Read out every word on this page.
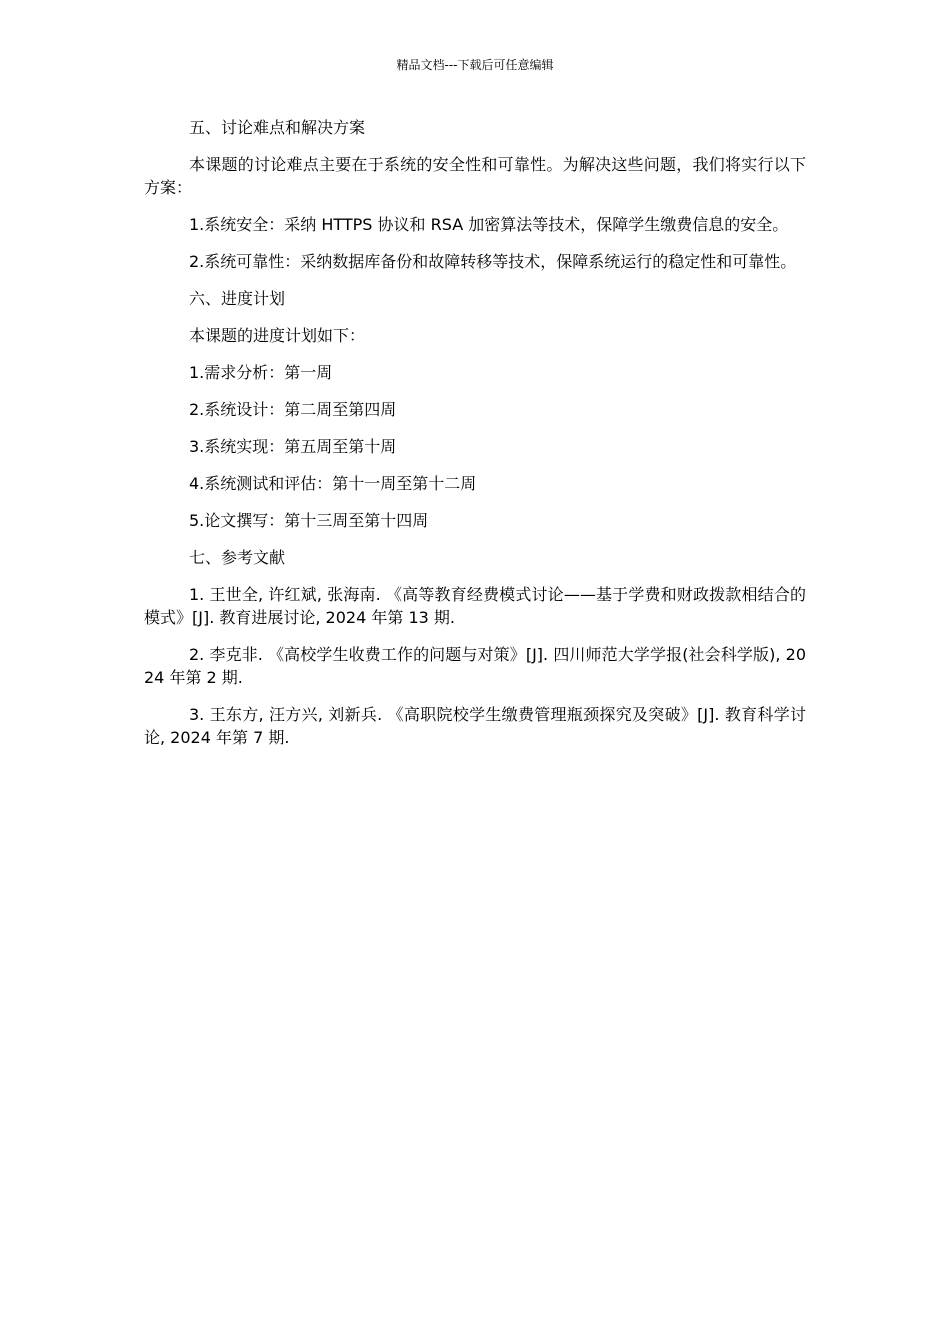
精品文档---下载后可任意编辑

五、讨论难点和解决方案

本课题的讨论难点主要在于系统的安全性和可靠性。为解决这些问题，我们将实行以下方案：

1.系统安全：采纳 HTTPS 协议和 RSA 加密算法等技术，保障学生缴费信息的安全。

2.系统可靠性：采纳数据库备份和故障转移等技术，保障系统运行的稳定性和可靠性。

六、进度计划

本课题的进度计划如下：

1.需求分析：第一周

2.系统设计：第二周至第四周

3.系统实现：第五周至第十周

4.系统测试和评估：第十一周至第十二周

5.论文撰写：第十三周至第十四周

七、参考文献

1. 王世全, 许红斌, 张海南. 《高等教育经费模式讨论——基于学费和财政拨款相结合的模式》[J]. 教育进展讨论, 2024 年第 13 期.

2. 李克非. 《高校学生收费工作的问题与对策》[J]. 四川师范大学学报(社会科学版), 2024 年第 2 期.

3. 王东方, 汪方兴, 刘新兵. 《高职院校学生缴费管理瓶颈探究及突破》[J]. 教育科学讨论, 2024 年第 7 期.
